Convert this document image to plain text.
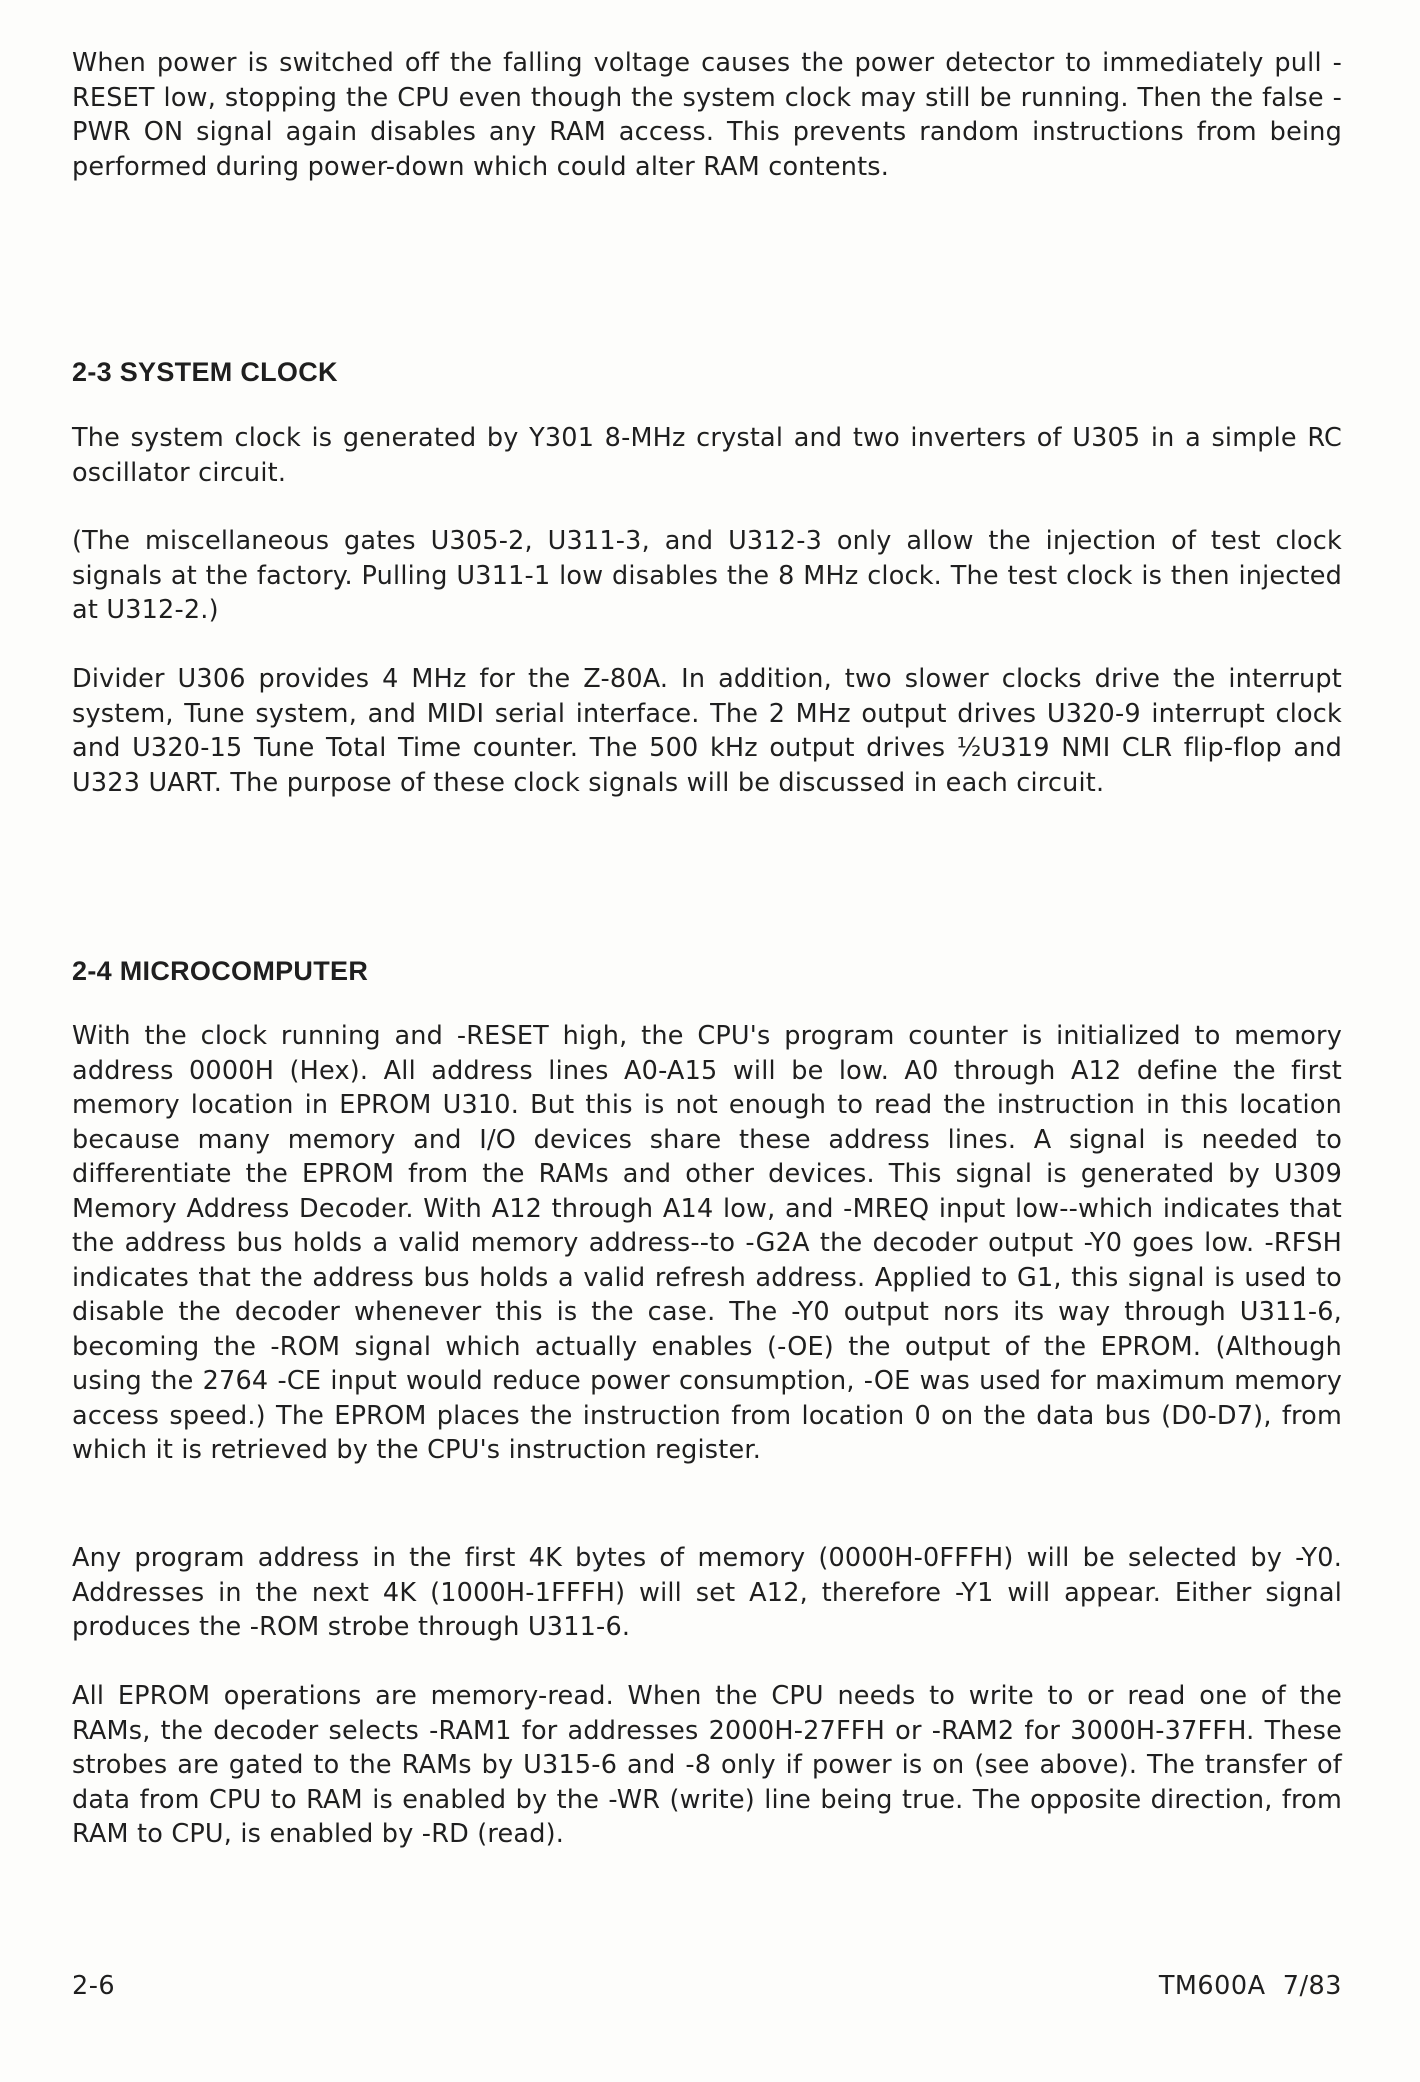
When power is switched off the falling voltage causes the power detector to immediately pull -RESET low, stopping the CPU even though the system clock may still be running. Then the false -PWR ON signal again disables any RAM access. This prevents random instructions from being performed during power-down which could alter RAM contents.

2-3 SYSTEM CLOCK

The system clock is generated by Y301 8-MHz crystal and two inverters of U305 in a simple RC oscillator circuit.

(The miscellaneous gates U305-2, U311-3, and U312-3 only allow the injection of test clock signals at the factory. Pulling U311-1 low disables the 8 MHz clock. The test clock is then injected at U312-2.)

Divider U306 provides 4 MHz for the Z-80A. In addition, two slower clocks drive the interrupt system, Tune system, and MIDI serial interface. The 2 MHz output drives U320-9 interrupt clock and U320-15 Tune Total Time counter. The 500 kHz output drives ½U319 NMI CLR flip-flop and U323 UART. The purpose of these clock signals will be discussed in each circuit.

2-4 MICROCOMPUTER

With the clock running and -RESET high, the CPU's program counter is initialized to memory address 0000H (Hex). All address lines A0-A15 will be low. A0 through A12 define the first memory location in EPROM U310. But this is not enough to read the instruction in this location because many memory and I/O devices share these address lines. A signal is needed to differentiate the EPROM from the RAMs and other devices. This signal is generated by U309 Memory Address Decoder. With A12 through A14 low, and -MREQ input low--which indicates that the address bus holds a valid memory address--to -G2A the decoder output -Y0 goes low. -RFSH indicates that the address bus holds a valid refresh address. Applied to G1, this signal is used to disable the decoder whenever this is the case. The -Y0 output nors its way through U311-6, becoming the -ROM signal which actually enables (-OE) the output of the EPROM. (Although using the 2764 -CE input would reduce power consumption, -OE was used for maximum memory access speed.) The EPROM places the instruction from location 0 on the data bus (D0-D7), from which it is retrieved by the CPU's instruction register.

Any program address in the first 4K bytes of memory (0000H-0FFFH) will be selected by -Y0. Addresses in the next 4K (1000H-1FFFH) will set A12, therefore -Y1 will appear. Either signal produces the -ROM strobe through U311-6.

All EPROM operations are memory-read. When the CPU needs to write to or read one of the RAMs, the decoder selects -RAM1 for addresses 2000H-27FFH or -RAM2 for 3000H-37FFH. These strobes are gated to the RAMs by U315-6 and -8 only if power is on (see above). The transfer of data from CPU to RAM is enabled by the -WR (write) line being true. The opposite direction, from RAM to CPU, is enabled by -RD (read).

2-6	TM600A  7/83
